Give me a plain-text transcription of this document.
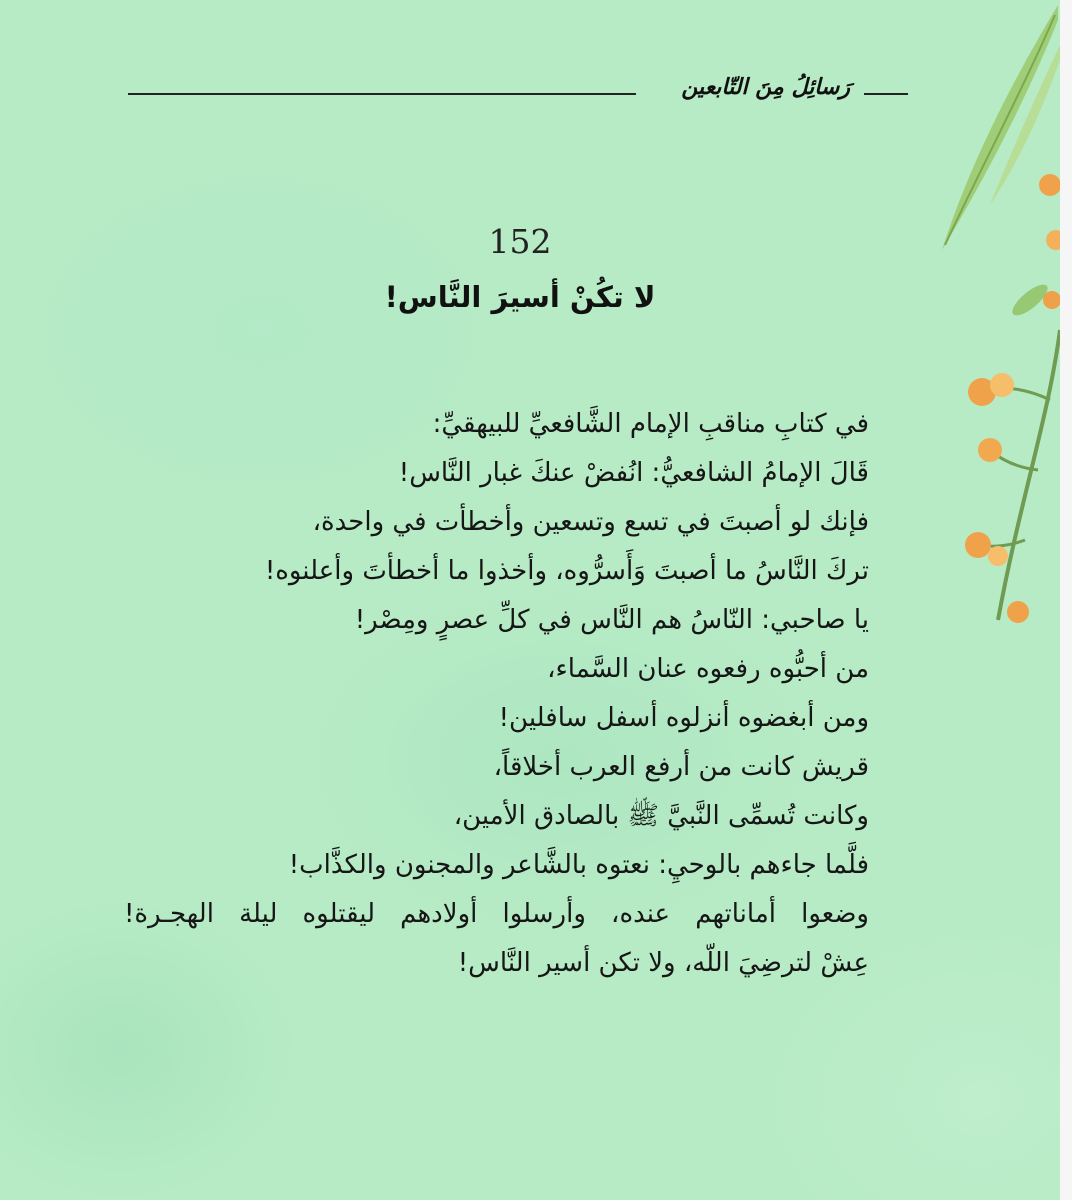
رَسائِلُ مِنَ التّابعين
152
لا تكُنْ أسيرَ النَّاس!

في كتابِ مناقبِ الإمام الشَّافعيِّ للبيهقيِّ:

قَالَ الإمامُ الشافعيُّ: انُفضْ عنكَ غبار النَّاس!

فإنك لو أصبتَ في تسع وتسعين وأخطأت في واحدة،

تركَ النَّاسُ ما أصبتَ وَأَسرُّوه، وأخذوا ما أخطأتَ وأعلنوه!

يا صاحبي: النّاسُ هم النَّاس في كلِّ عصرٍ ومِصْر!

من أحبُّوه رفعوه عنان السَّماء،

ومن أبغضوه أنزلوه أسفل سافلين!

قريش كانت من أرفع العرب أخلاقاً،

وكانت تُسمِّى النَّبيَّ ﷺ بالصادق الأمين،

فلَّما جاءهم بالوحيِ: نعتوه بالشَّاعر والمجنون والكذَّاب!

وضعوا أماناتهم عنده، وأرسلوا أولادهم ليقتلوه ليلة الهجـرة!

عِشْ لترضِيَ اللّه، ولا تكن أسير النَّاس!
